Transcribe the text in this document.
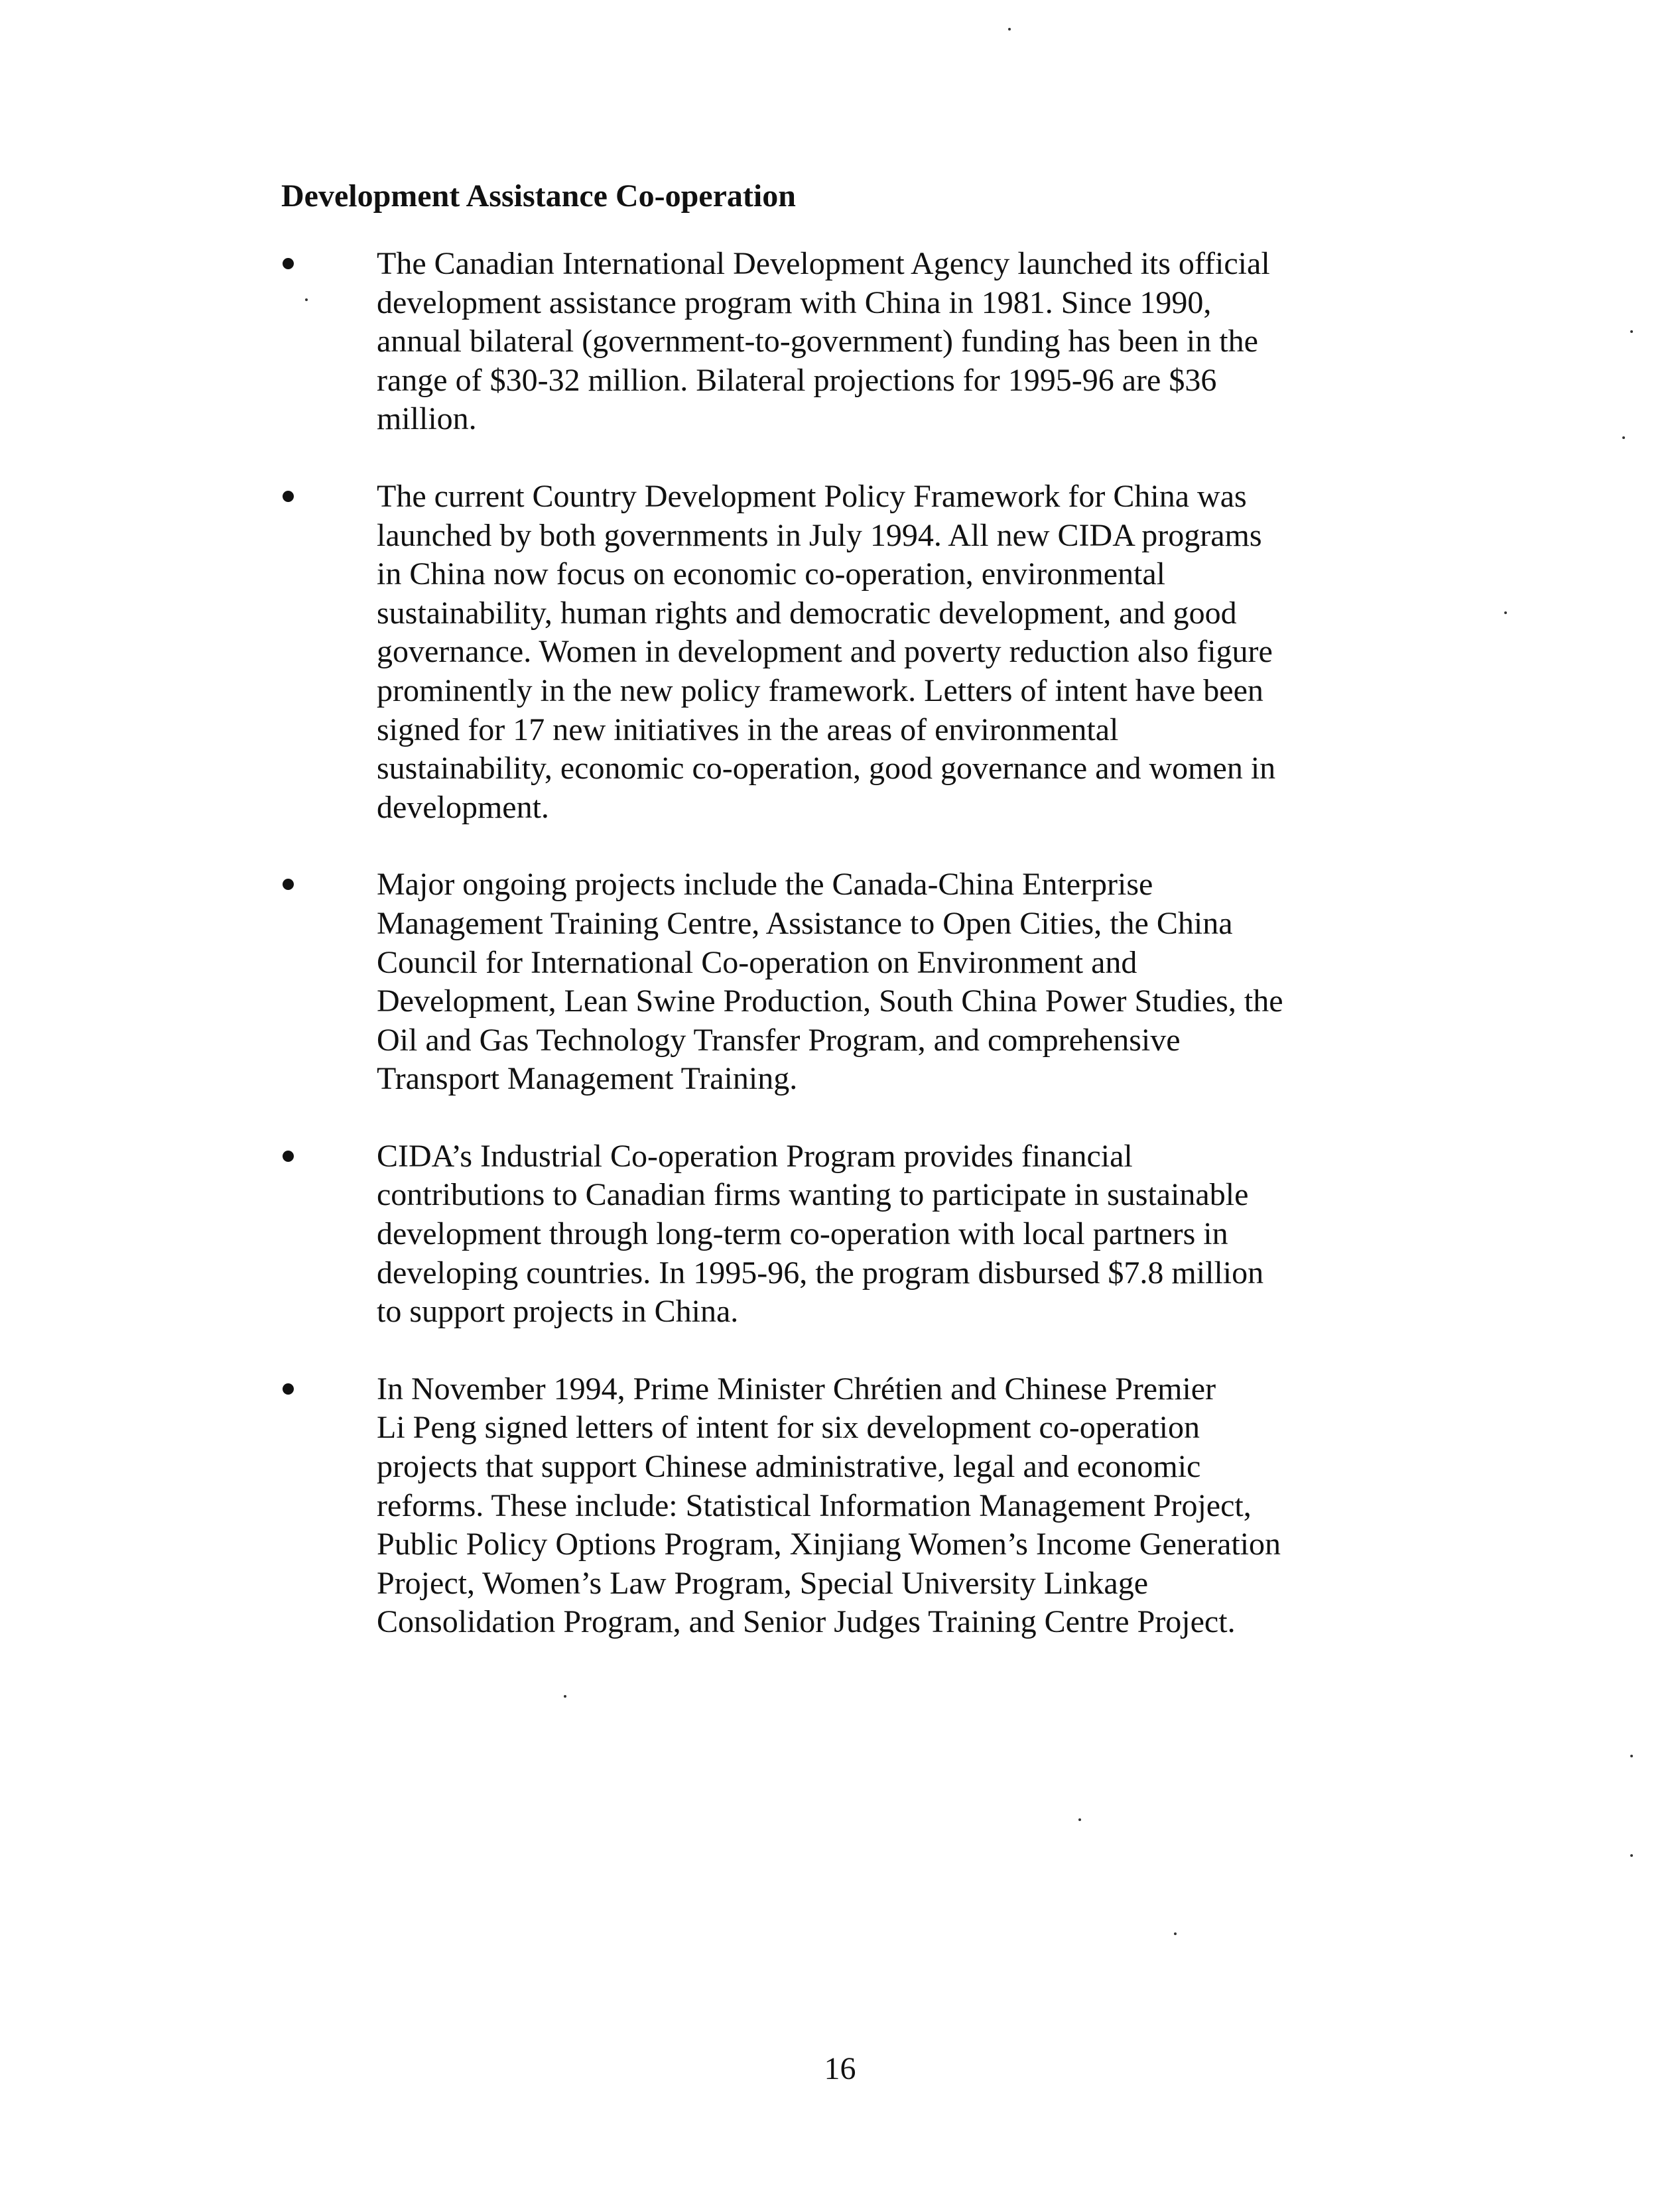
Development Assistance Co-operation
The Canadian International Development Agency launched its official
development assistance program with China in 1981. Since 1990,
annual bilateral (government-to-government) funding has been in the
range of $30-32 million. Bilateral projections for 1995-96 are $36
million.
The current Country Development Policy Framework for China was
launched by both governments in July 1994. All new CIDA programs
in China now focus on economic co-operation, environmental
sustainability, human rights and democratic development, and good
governance. Women in development and poverty reduction also figure
prominently in the new policy framework. Letters of intent have been
signed for 17 new initiatives in the areas of environmental
sustainability, economic co-operation, good governance and women in
development.
Major ongoing projects include the Canada-China Enterprise
Management Training Centre, Assistance to Open Cities, the China
Council for International Co-operation on Environment and
Development, Lean Swine Production, South China Power Studies, the
Oil and Gas Technology Transfer Program, and comprehensive
Transport Management Training.
CIDA’s Industrial Co-operation Program provides financial
contributions to Canadian firms wanting to participate in sustainable
development through long-term co-operation with local partners in
developing countries. In 1995-96, the program disbursed $7.8 million
to support projects in China.
In November 1994, Prime Minister Chrétien and Chinese Premier
Li Peng signed letters of intent for six development co-operation
projects that support Chinese administrative, legal and economic
reforms. These include: Statistical Information Management Project,
Public Policy Options Program, Xinjiang Women’s Income Generation
Project, Women’s Law Program, Special University Linkage
Consolidation Program, and Senior Judges Training Centre Project.
16
